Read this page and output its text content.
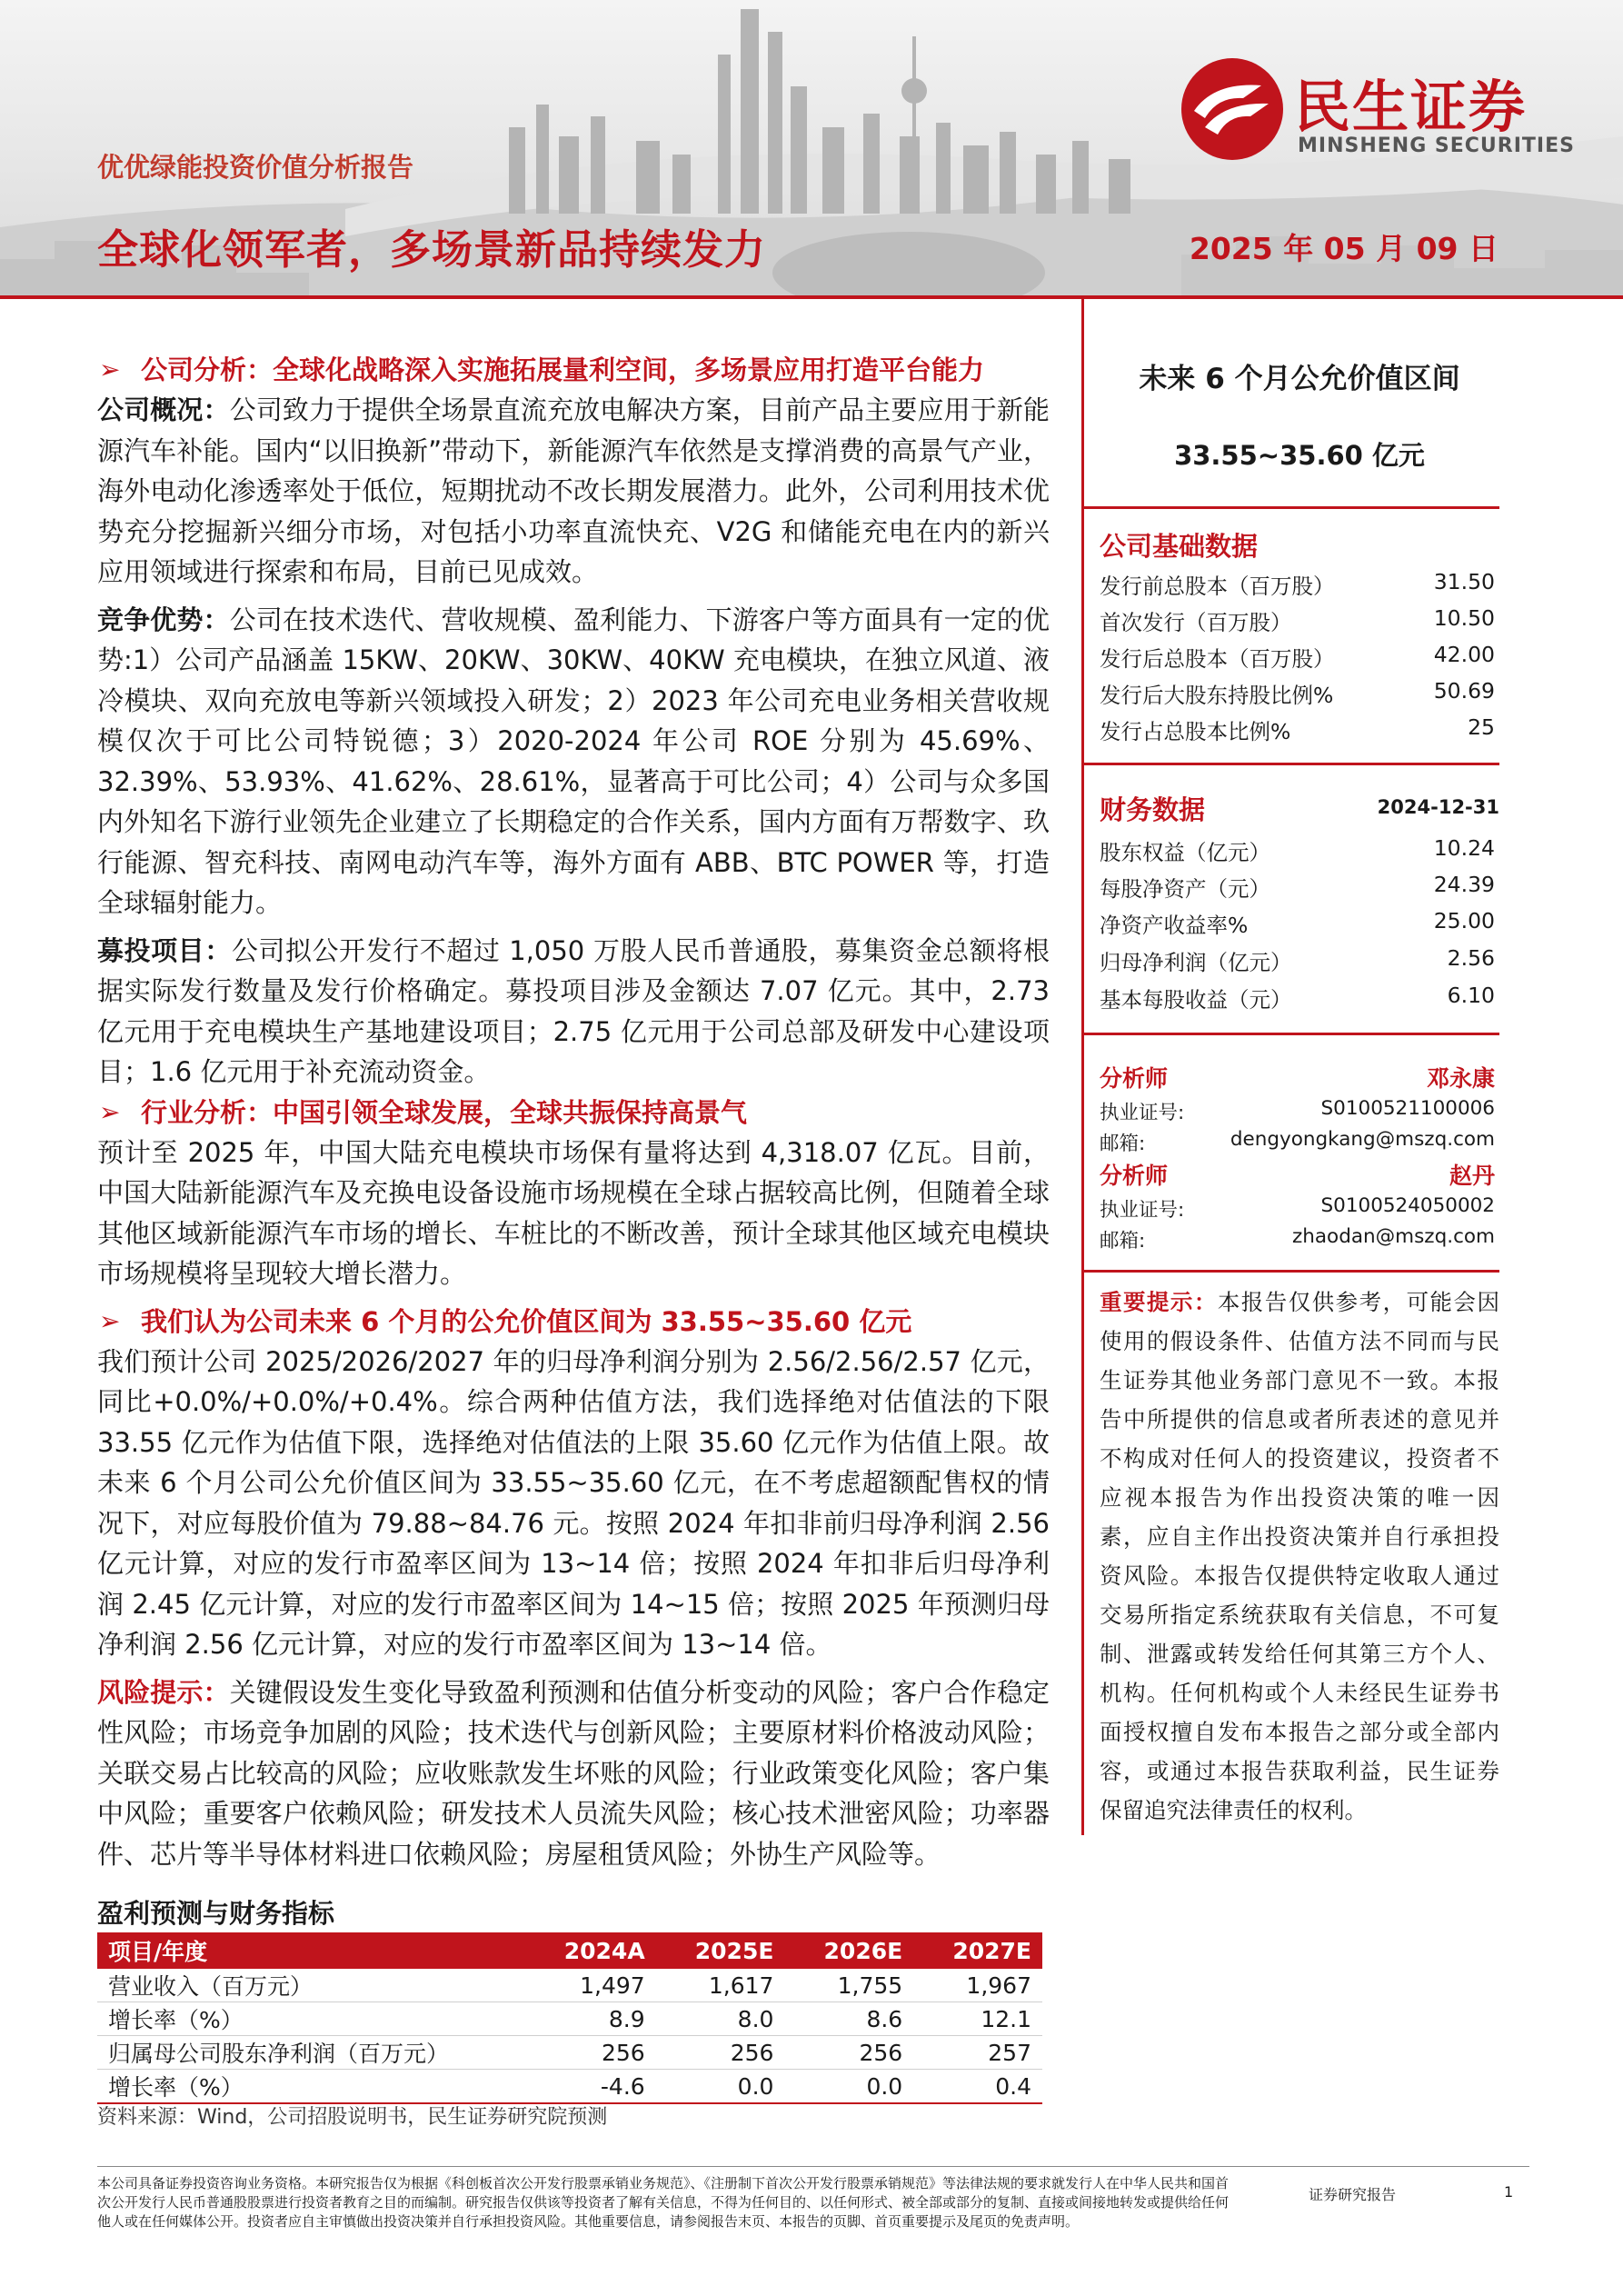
民生证券
MINSHENG SECURITIES
优优绿能投资价值分析报告
全球化领军者，多场景新品持续发力	2025 年 05 月 09 日
➢ 公司分析：全球化战略深入实施拓展量利空间，多场景应用打造平台能力

公司概况：公司致力于提供全场景直流充放电解决方案，目前产品主要应用于新能源汽车补能。国内“以旧换新”带动下，新能源汽车依然是支撑消费的高景气产业，海外电动化渗透率处于低位，短期扰动不改长期发展潜力。此外，公司利用技术优势充分挖掘新兴细分市场，对包括小功率直流快充、V2G 和储能充电在内的新兴应用领域进行探索和布局，目前已见成效。

竞争优势：公司在技术迭代、营收规模、盈利能力、下游客户等方面具有一定的优势:1）公司产品涵盖 15KW、20KW、30KW、40KW 充电模块，在独立风道、液冷模块、双向充放电等新兴领域投入研发；2）2023 年公司充电业务相关营收规模仅次于可比公司特锐德；3）2020-2024 年公司 ROE 分别为 45.69%、32.39%、53.93%、41.62%、28.61%，显著高于可比公司；4）公司与众多国内外知名下游行业领先企业建立了长期稳定的合作关系，国内方面有万帮数字、玖行能源、智充科技、南网电动汽车等，海外方面有 ABB、BTC POWER 等，打造全球辐射能力。

募投项目：公司拟公开发行不超过 1,050 万股人民币普通股，募集资金总额将根据实际发行数量及发行价格确定。募投项目涉及金额达 7.07 亿元。其中，2.73 亿元用于充电模块生产基地建设项目；2.75 亿元用于公司总部及研发中心建设项目；1.6 亿元用于补充流动资金。

➢ 行业分析：中国引领全球发展，全球共振保持高景气

预计至 2025 年，中国大陆充电模块市场保有量将达到 4,318.07 亿瓦。目前，中国大陆新能源汽车及充换电设备设施市场规模在全球占据较高比例，但随着全球其他区域新能源汽车市场的增长、车桩比的不断改善，预计全球其他区域充电模块市场规模将呈现较大增长潜力。

➢ 我们认为公司未来 6 个月的公允价值区间为 33.55~35.60 亿元

我们预计公司 2025/2026/2027 年的归母净利润分别为 2.56/2.56/2.57 亿元，同比+0.0%/+0.0%/+0.4%。综合两种估值方法，我们选择绝对估值法的下限 33.55 亿元作为估值下限，选择绝对估值法的上限 35.60 亿元作为估值上限。故未来 6 个月公司公允价值区间为 33.55~35.60 亿元，在不考虑超额配售权的情况下，对应每股价值为 79.88~84.76 元。按照 2024 年扣非前归母净利润 2.56 亿元计算，对应的发行市盈率区间为 13~14 倍；按照 2024 年扣非后归母净利润 2.45 亿元计算，对应的发行市盈率区间为 14~15 倍；按照 2025 年预测归母净利润 2.56 亿元计算，对应的发行市盈率区间为 13~14 倍。

风险提示：关键假设发生变化导致盈利预测和估值分析变动的风险；客户合作稳定性风险；市场竞争加剧的风险；技术迭代与创新风险；主要原材料价格波动风险；关联交易占比较高的风险；应收账款发生坏账的风险；行业政策变化风险；客户集中风险；重要客户依赖风险；研发技术人员流失风险；核心技术泄密风险；功率器件、芯片等半导体材料进口依赖风险；房屋租赁风险；外协生产风险等。

盈利预测与财务指标
项目/年度	2024A	2025E	2026E	2027E
营业收入（百万元）	1,497	1,617	1,755	1,967
增长率（%）	8.9	8.0	8.6	12.1
归属母公司股东净利润（百万元）	256	256	256	257
增长率（%）	-4.6	0.0	0.0	0.4
资料来源：Wind，公司招股说明书，民生证券研究院预测
未来 6 个月公允价值区间
33.55~35.60 亿元
公司基础数据
发行前总股本（百万股）	31.50
首次发行（百万股）	10.50
发行后总股本（百万股）	42.00
发行后大股东持股比例%	50.69
发行占总股本比例%	25
财务数据	2024-12-31
股东权益（亿元）	10.24
每股净资产（元）	24.39
净资产收益率%	25.00
归母净利润（亿元）	2.56
基本每股收益（元）	6.10
分析师	邓永康
执业证号:	S0100521100006
邮箱:	dengyongkang@mszq.com
分析师	赵丹
执业证号:	S0100524050002
邮箱:	zhaodan@mszq.com

重要提示：本报告仅供参考，可能会因使用的假设条件、估值方法不同而与民生证券其他业务部门意见不一致。本报告中所提供的信息或者所表述的意见并不构成对任何人的投资建议，投资者不应视本报告为作出投资决策的唯一因素，应自主作出投资决策并自行承担投资风险。本报告仅提供特定收取人通过交易所指定系统获取有关信息，不可复制、泄露或转发给任何其第三方个人、机构。任何机构或个人未经民生证券书面授权擅自发布本报告之部分或全部内容，或通过本报告获取利益，民生证券保留追究法律责任的权利。

本公司具备证券投资咨询业务资格。本研究报告仅为根据《科创板首次公开发行股票承销业务规范》、《注册制下首次公开发行股票承销规范》等法律法规的要求就发行人在中华人民共和国首次公开发行人民币普通股股票进行投资者教育之目的而编制。研究报告仅供该等投资者了解有关信息，不得为任何目的、以任何形式、被全部或部分的复制、直接或间接地转发或提供给任何他人或在任何媒体公开。投资者应自主审慎做出投资决策并自行承担投资风险。其他重要信息，请参阅报告末页、本报告的页脚、首页重要提示及尾页的免责声明。
证券研究报告	1
